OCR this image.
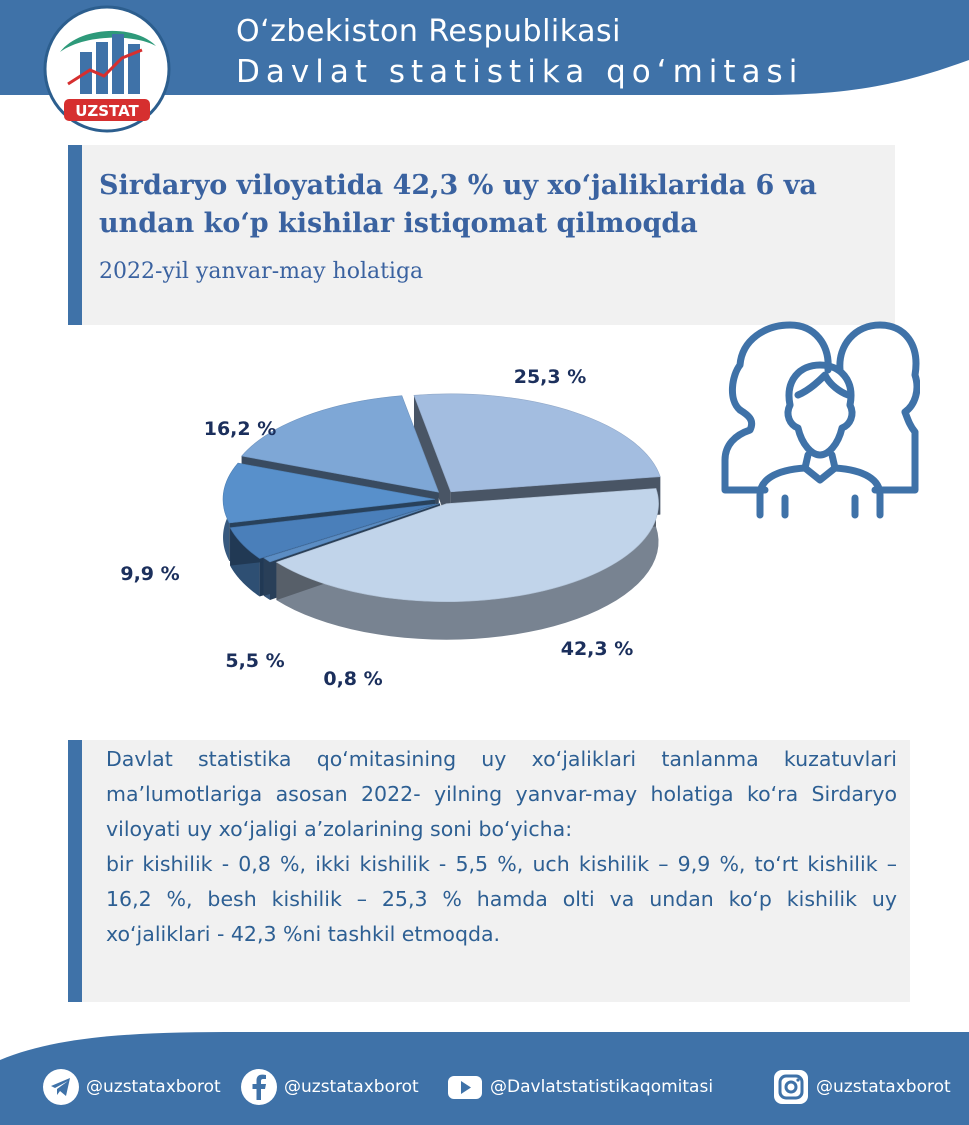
UZSTAT
O‘zbekiston Respublikasi
Davlat statistika qo‘mitasi
Sirdaryo viloyatida 42,3 % uy xo‘jaliklarida 6 va undan ko‘p kishilar istiqomat qilmoqda
2022-yil yanvar-may holatiga
25,3 %
42,3 %
0,8 %
5,5 %
9,9 %
16,2 %

Davlat statistika qo‘mitasining uy xo‘jaliklari tanlanma kuzatuvlari ma’lumotlariga asosan 2022- yilning yanvar-may holatiga ko‘ra Sirdaryo viloyati uy xo‘jaligi a’zolarining soni bo‘yicha:

bir kishilik - 0,8 %, ikki kishilik - 5,5 %, uch kishilik – 9,9 %, to‘rt kishilik – 16,2 %, besh kishilik – 25,3 % hamda olti va undan ko‘p kishilik uy xo‘jaliklari - 42,3 %ni tashkil etmoqda.

@uzstataxborot	@uzstataxborot	@Davlatstatistikaqomitasi	@uzstataxborot
